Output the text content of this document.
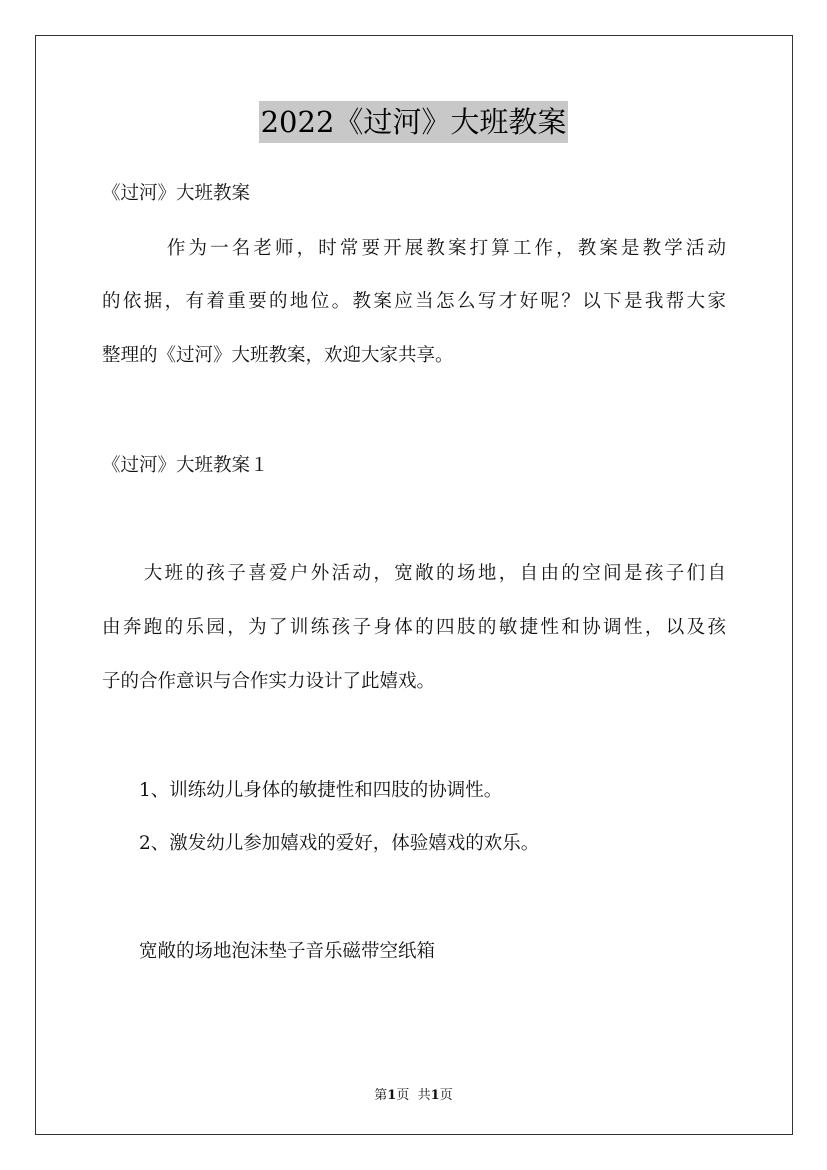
2022《过河》大班教案
《过河》大班教案
　　　作为一名老师，时常要开展教案打算工作，教案是教学活动
的依据，有着重要的地位。教案应当怎么写才好呢？以下是我帮大家
整理的《过河》大班教案，欢迎大家共享。
《过河》大班教案１
　　大班的孩子喜爱户外活动，宽敞的场地，自由的空间是孩子们自
由奔跑的乐园，为了训练孩子身体的四肢的敏捷性和协调性，以及孩
子的合作意识与合作实力设计了此嬉戏。
　　1、训练幼儿身体的敏捷性和四肢的协调性。
　　2、激发幼儿参加嬉戏的爱好，体验嬉戏的欢乐。
　　宽敞的场地泡沫垫子音乐磁带空纸箱
第1页 共1页
